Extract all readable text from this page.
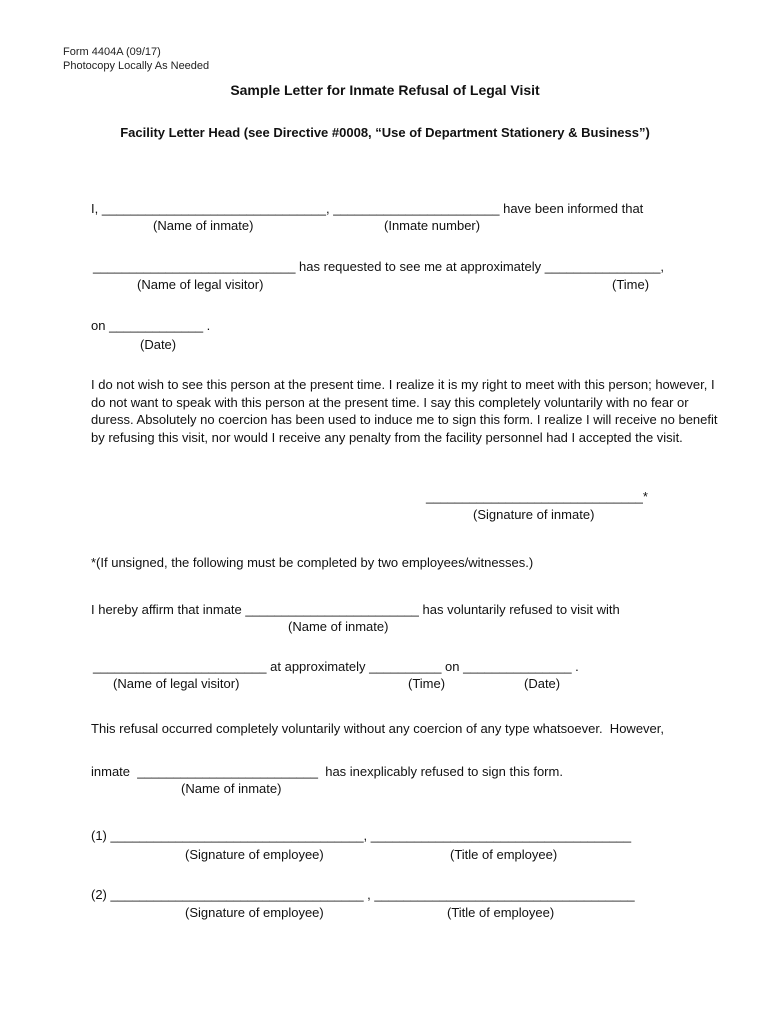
Form 4404A (09/17)
Photocopy Locally As Needed
Sample Letter for Inmate Refusal of Legal Visit
Facility Letter Head (see Directive #0008, “Use of Department Stationery & Business”)
I, _______________________________, _______________________ have been informed that
(Name of inmate)	(Inmate number)
____________________________ has requested to see me at approximately ________________,
(Name of legal visitor)	(Time)
on _____________ .
(Date)
I do not wish to see this person at the present time. I realize it is my right to meet with this person; however, I do not want to speak with this person at the present time. I say this completely voluntarily with no fear or duress. Absolutely no coercion has been used to induce me to sign this form. I realize I will receive no benefit by refusing this visit, nor would I receive any penalty from the facility personnel had I accepted the visit.
______________________________*
(Signature of inmate)
*(If unsigned, the following must be completed by two employees/witnesses.)
I hereby affirm that inmate ________________________ has voluntarily refused to visit with
(Name of inmate)
________________________ at approximately __________ on _______________ .
(Name of legal visitor)	(Time)	(Date)
This refusal occurred completely voluntarily without any coercion of any type whatsoever.  However,
inmate  _________________________  has inexplicably refused to sign this form.
(Name of inmate)
(1) ___________________________________, ____________________________________
(Signature of employee)	(Title of employee)
(2) ___________________________________ , ____________________________________
(Signature of employee)	(Title of employee)
